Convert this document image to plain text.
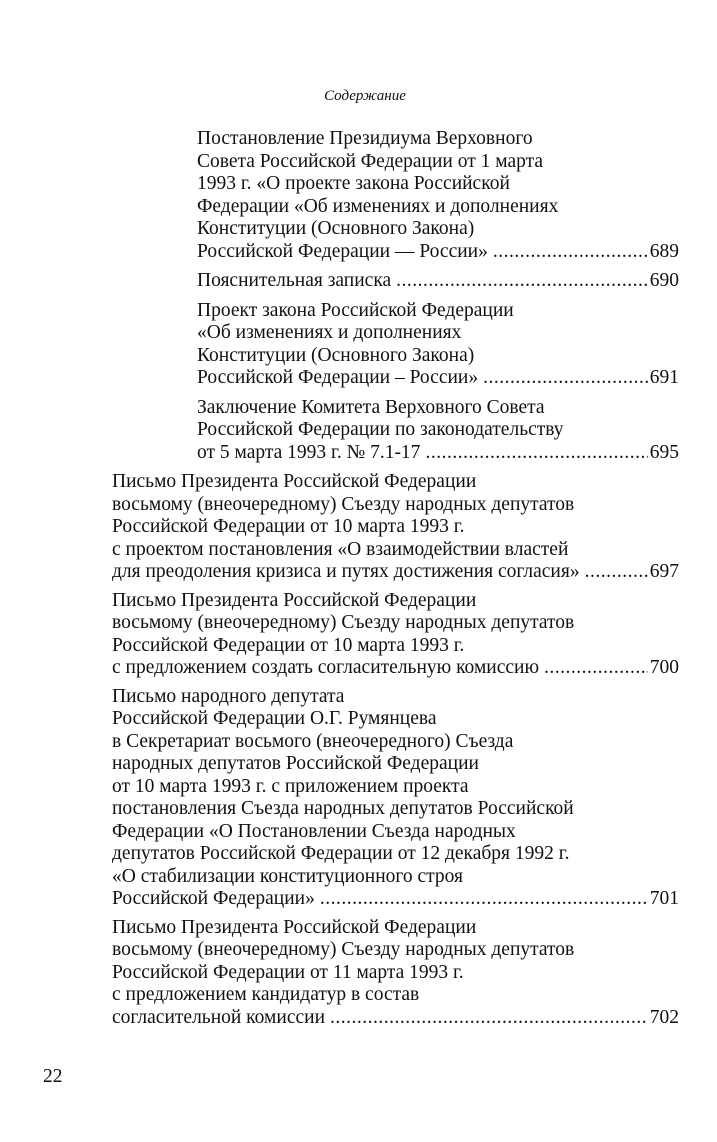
Содержание
Постановление Президиума Верховного
Совета Российской Федерации от 1 марта
1993 г. «О проекте закона Российской
Федерации «Об изменениях и дополнениях
Конституции (Основного Закона)
Российской Федерации — России» .....	689
Пояснительная записка .....	690
Проект закона Российской Федерации
«Об изменениях и дополнениях
Конституции (Основного Закона)
Российской Федерации – России» .....	691
Заключение Комитета Верховного Совета
Российской Федерации по законодательству
от 5 марта 1993 г. № 7.1-17 .....	695
Письмо Президента Российской Федерации
восьмому (внеочередному) Съезду народных депутатов
Российской Федерации от 10 марта 1993 г.
с проектом постановления «О взаимодействии властей
для преодоления кризиса и путях достижения согласия» .....	697
Письмо Президента Российской Федерации
восьмому (внеочередному) Съезду народных депутатов
Российской Федерации от 10 марта 1993 г.
с предложением создать согласительную комиссию .....	700
Письмо народного депутата
Российской Федерации О.Г. Румянцева
в Секретариат восьмого (внеочередного) Съезда
народных депутатов Российской Федерации
от 10 марта 1993 г. с приложением проекта
постановления Съезда народных депутатов Российской
Федерации «О Постановлении Съезда народных
депутатов Российской Федерации от 12 декабря 1992 г.
«О стабилизации конституционного строя
Российской Федерации» .....	701
Письмо Президента Российской Федерации
восьмому (внеочередному) Съезду народных депутатов
Российской Федерации от 11 марта 1993 г.
с предложением кандидатур в состав
согласительной комиссии .....	702
22
